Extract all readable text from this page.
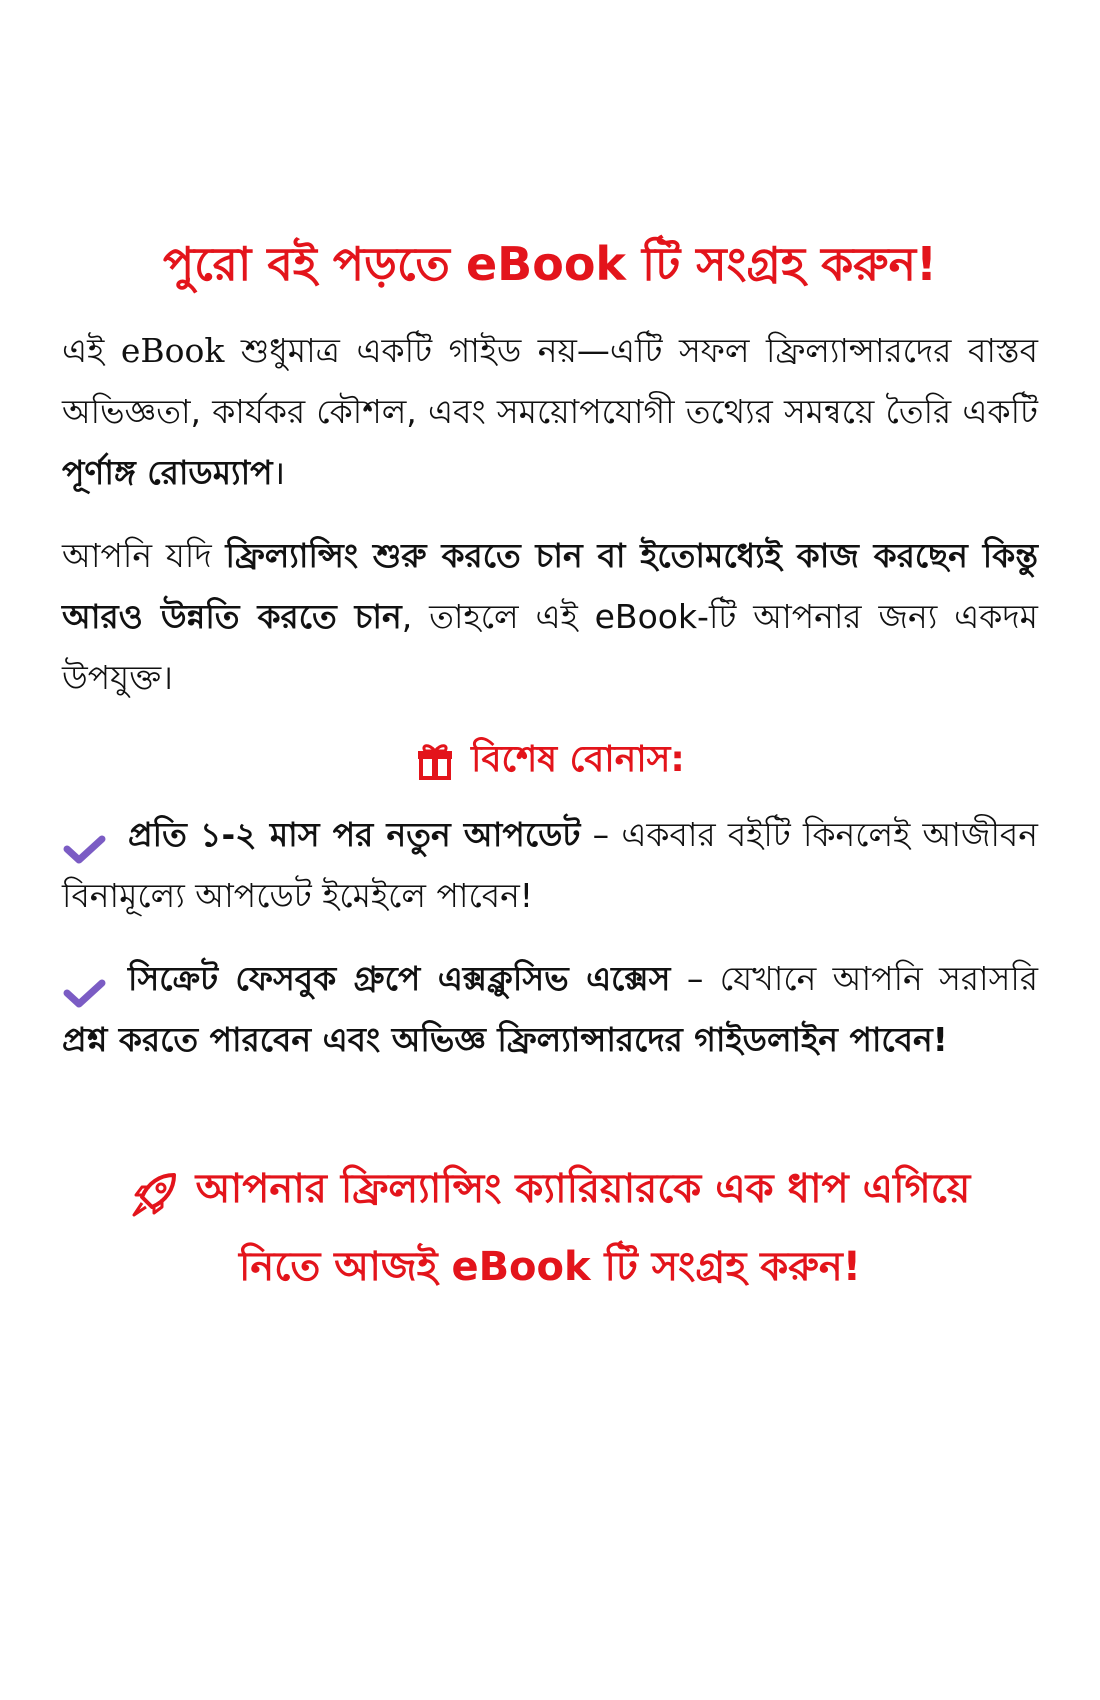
পুরো বই পড়তে eBook টি সংগ্রহ করুন!

এই eBook শুধুমাত্র একটি গাইড নয়—এটি সফল ফ্রিল্যান্সারদের বাস্তব অভিজ্ঞতা, কার্যকর কৌশল, এবং সময়োপযোগী তথ্যের সমন্বয়ে তৈরি একটি পূর্ণাঙ্গ রোডম্যাপ।

আপনি যদি ফ্রিল্যান্সিং শুরু করতে চান বা ইতোমধ্যেই কাজ করছেন কিন্তু আরও উন্নতি করতে চান, তাহলে এই eBook-টি আপনার জন্য একদম উপযুক্ত।

বিশেষ বোনাস:

প্রতি ১-২ মাস পর নতুন আপডেট – একবার বইটি কিনলেই আজীবন বিনামূল্যে আপডেট ইমেইলে পাবেন!

সিক্রেট ফেসবুক গ্রুপে এক্সক্লুসিভ এক্সেস – যেখানে আপনি সরাসরি প্রশ্ন করতে পারবেন এবং অভিজ্ঞ ফ্রিল্যান্সারদের গাইডলাইন পাবেন!

আপনার ফ্রিল্যান্সিং ক্যারিয়ারকে এক ধাপ এগিয়ে
নিতে আজই eBook টি সংগ্রহ করুন!
